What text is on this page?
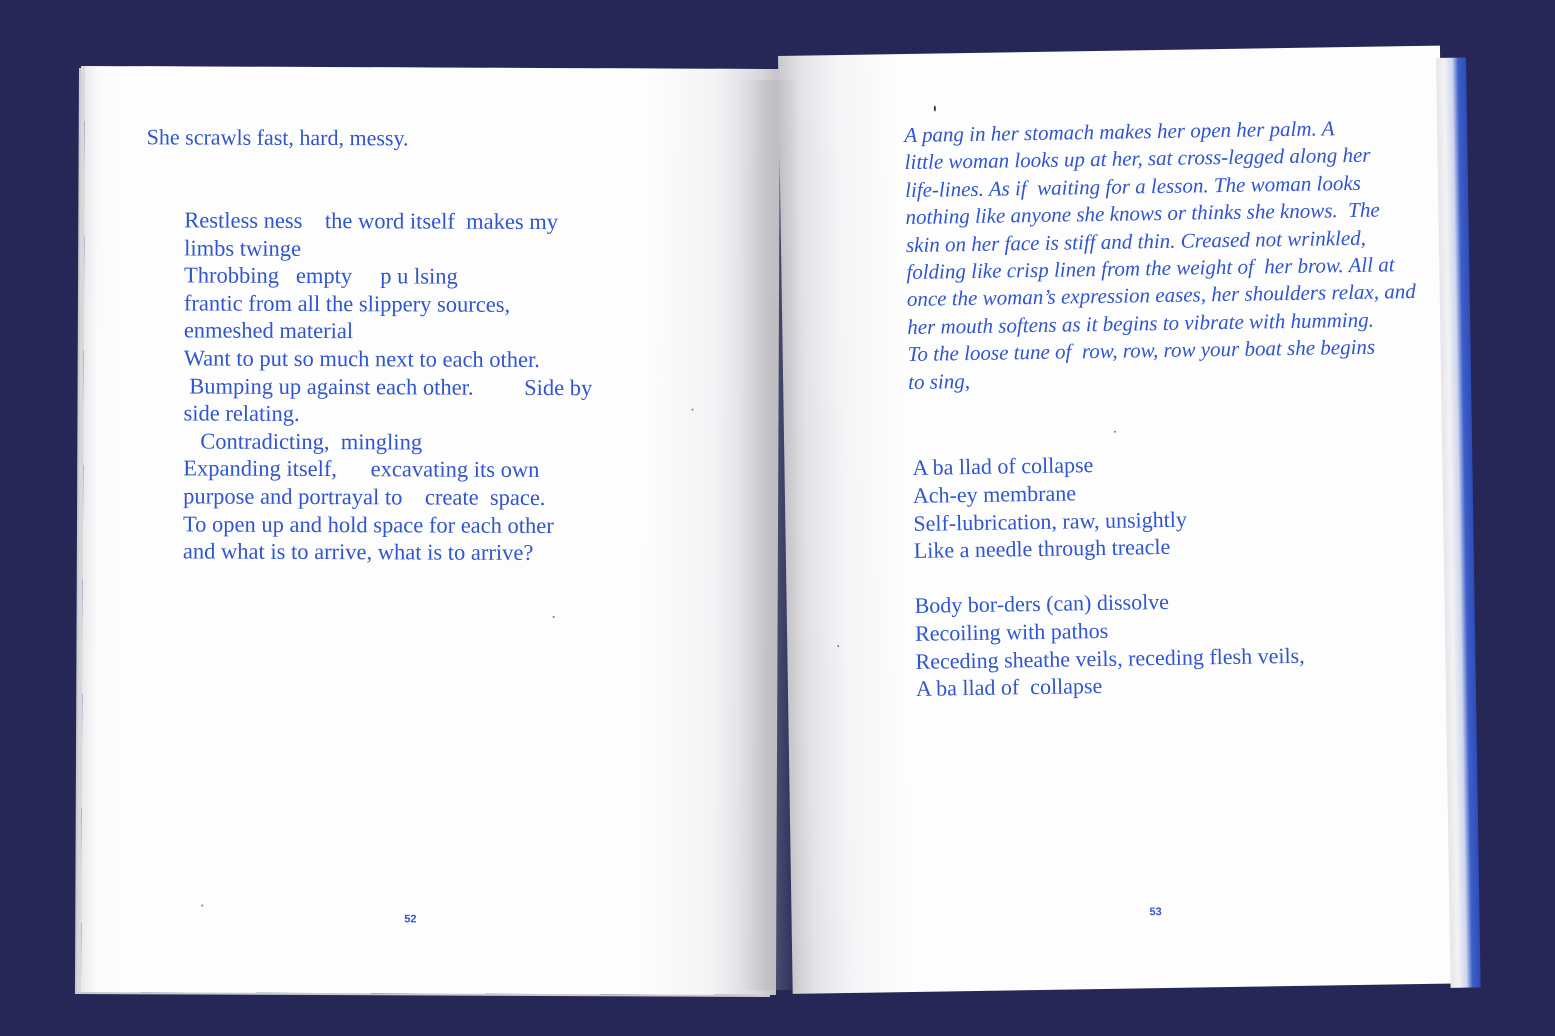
She scrawls fast, hard, messy.

Restless ness    the word itself  makes my
limbs twinge
Throbbing   empty     p u lsing
frantic from all the slippery sources,
enmeshed material
Want to put so much next to each other.
Bumping up against each other.         Side by
side relating.
Contradicting,  mingling
Expanding itself,      excavating its own
purpose and portrayal to    create  space.
To open up and hold space for each other
and what is to arrive, what is to arrive?
52
A pang in her stomach makes her open her palm. A
little woman looks up at her, sat cross-legged along her
life-lines. As if  waiting for a lesson. The woman looks
nothing like anyone she knows or thinks she knows.  The
skin on her face is stiff and thin. Creased not wrinkled,
folding like crisp linen from the weight of  her brow. All at
once the woman’s expression eases, her shoulders relax, and
her mouth softens as it begins to vibrate with humming.
To the loose tune of  row, row, row your boat she begins
to sing,
A ba llad of collapse
Ach-ey membrane
Self-lubrication, raw, unsightly
Like a needle through treacle
Body bor-ders (can) dissolve
Recoiling with pathos
Receding sheathe veils, receding flesh veils,
A ba llad of  collapse
53
